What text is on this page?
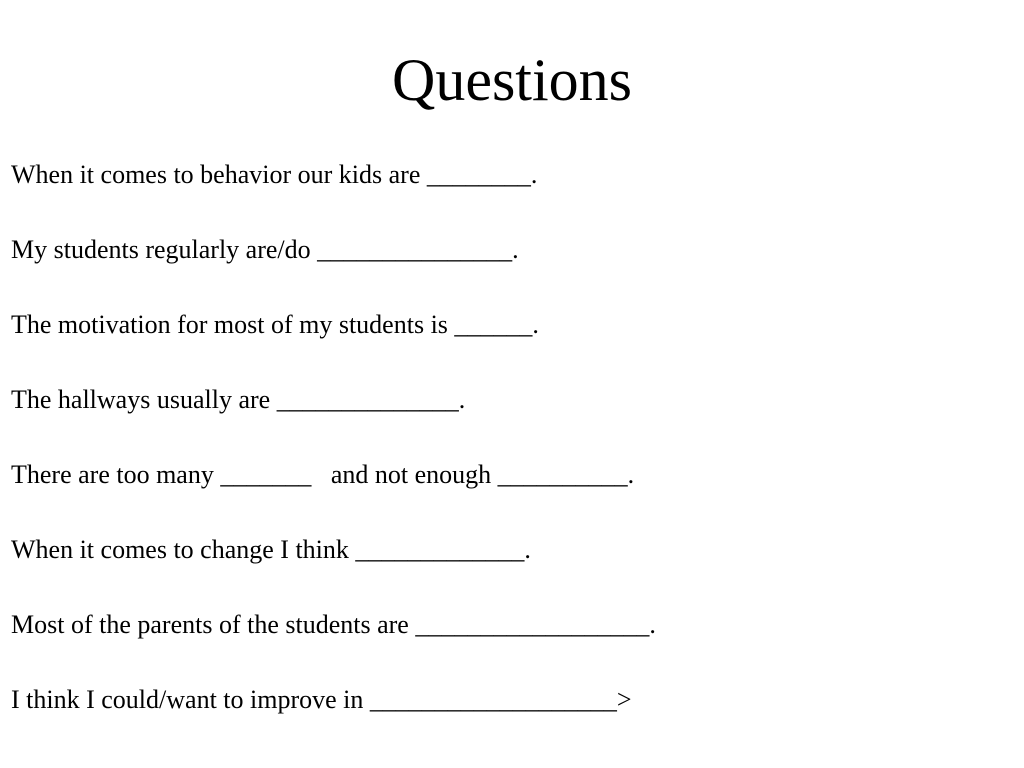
Questions
When it comes to behavior our kids are ________.
My students regularly are/do _______________.
The motivation for most of my students is ______.
The hallways usually are ______________.
There are too many _______   and not enough __________.
When it comes to change I think _____________.
Most of the parents of the students are __________________.
I think I could/want to improve in ___________________>
